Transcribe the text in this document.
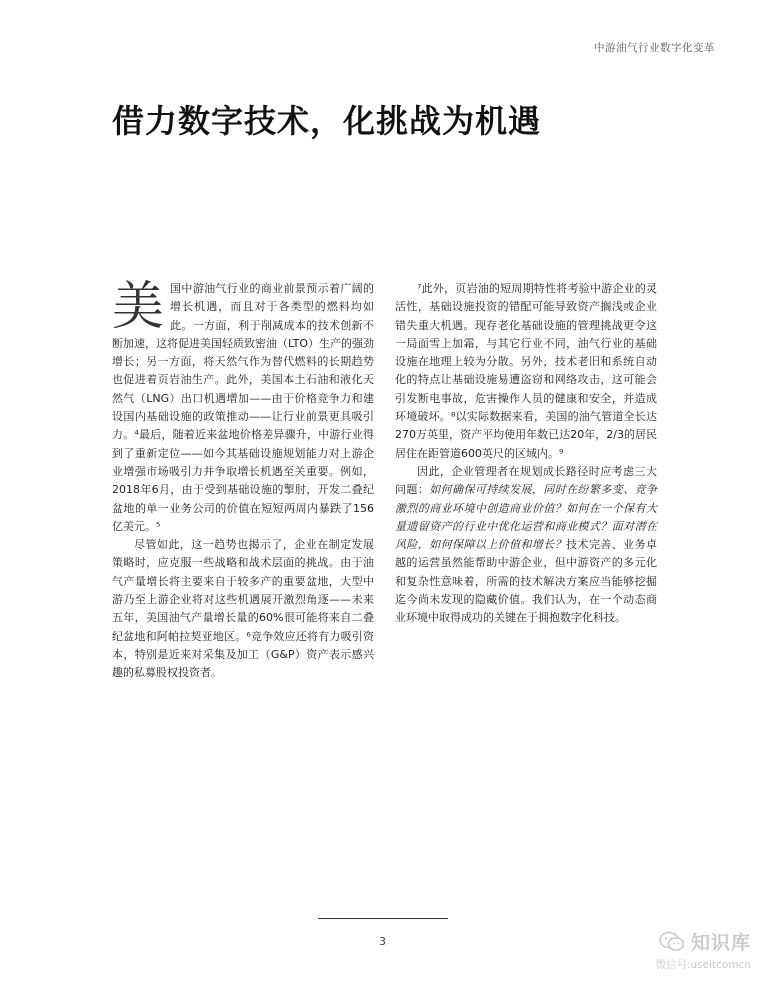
中游油气行业数字化变革
借力数字技术，化挑战为机遇

美国中游油气行业的商业前景预示着广阔的增长机遇，而且对于各类型的燃料均如此。一方面，利于削减成本的技术创新不断加速，这将促进美国轻质致密油（LTO）生产的强劲增长；另一方面，将天然气作为替代燃料的长期趋势也促进着页岩油生产。此外，美国本土石油和液化天然气（LNG）出口机遇增加——由于价格竞争力和建设国内基础设施的政策推动——让行业前景更具吸引力。⁴最后，随着近来盆地价格差异骤升，中游行业得到了重新定位——如今其基础设施规划能力对上游企业增强市场吸引力并争取增长机遇至关重要。例如，2018年6月，由于受到基础设施的掣肘，开发二叠纪盆地的单一业务公司的价值在短短两周内暴跌了156亿美元。⁵

尽管如此，这一趋势也揭示了，企业在制定发展策略时，应克服一些战略和战术层面的挑战。由于油气产量增长将主要来自于较多产的重要盆地，大型中游乃至上游企业将对这些机遇展开激烈角逐——未来五年，美国油气产量增长量的60%很可能将来自二叠纪盆地和阿帕拉契亚地区。⁶竞争效应还将有力吸引资本，特别是近来对采集及加工（G&P）资产表示感兴趣的私募股权投资者。

⁷此外，页岩油的短周期特性将考验中游企业的灵活性，基础设施投资的错配可能导致资产搁浅或企业错失重大机遇。现存老化基础设施的管理挑战更令这一局面雪上加霜，与其它行业不同，油气行业的基础设施在地理上较为分散。另外，技术老旧和系统自动化的特点让基础设施易遭盗窃和网络攻击，这可能会引发断电事故，危害操作人员的健康和安全，并造成环境破坏。⁸以实际数据来看，美国的油气管道全长达270万英里，资产平均使用年数已达20年，2/3的居民居住在距管道600英尺的区域内。⁹

因此，企业管理者在规划成长路径时应考虑三大问题：如何确保可持续发展，同时在纷繁多变、竞争激烈的商业环境中创造商业价值？如何在一个保有大量遗留资产的行业中优化运营和商业模式？面对潜在风险，如何保障以上价值和增长？技术完善、业务卓越的运营虽然能帮助中游企业，但中游资产的多元化和复杂性意味着，所需的技术解决方案应当能够挖掘迄今尚未发现的隐藏价值。我们认为，在一个动态商业环境中取得成功的关键在于拥抱数字化科技。

3	知识库
微信号:useitcomcn
